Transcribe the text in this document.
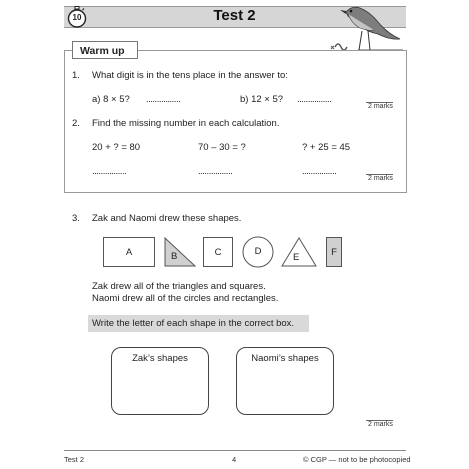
Test 2
10
Warm up
1. What digit is in the tens place in the answer to:
a) 8 × 5? ................	b) 12 × 5? ................
2 marks
2. Find the missing number in each calculation.
20 + ? = 80	70 – 30 = ?	? + 25 = 45
................	................	................
2 marks
3. Zak and Naomi drew these shapes.
A	B	C	D
E	F
Zak drew all of the triangles and squares.
Naomi drew all of the circles and rectangles.
Write the letter of each shape in the correct box.
Zak’s shapes	Naomi’s shapes
2 marks
Test 2	4	© CGP — not to be photocopied
